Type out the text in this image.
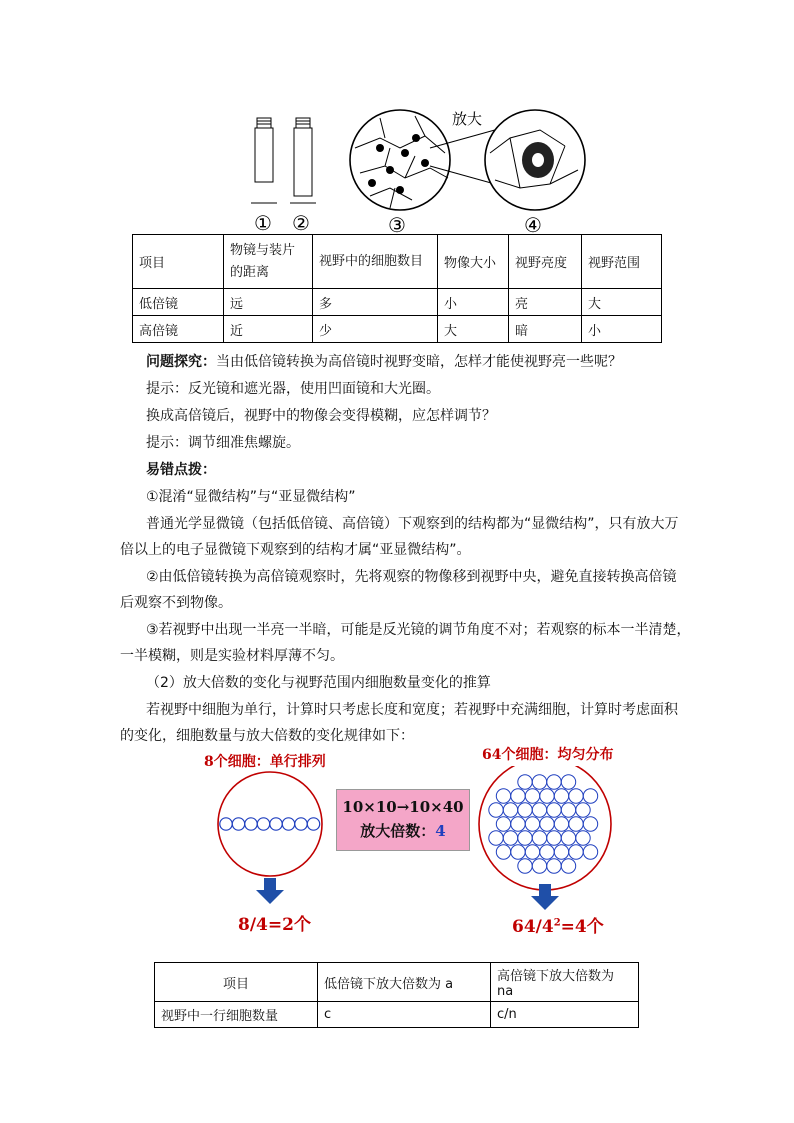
放大
① ②	③	④
项目	物镜与装片的距离	视野中的细胞数目	物像大小	视野亮度	视野范围
低倍镜	远	多	小	亮	大
高倍镜	近	少	大	暗	小
问题探究：当由低倍镜转换为高倍镜时视野变暗，怎样才能使视野亮一些呢？
提示：反光镜和遮光器，使用凹面镜和大光圈。
换成高倍镜后，视野中的物像会变得模糊，应怎样调节？
提示：调节细准焦螺旋。
易错点拨：
①混淆“显微结构”与“亚显微结构”
普通光学显微镜（包括低倍镜、高倍镜）下观察到的结构都为“显微结构”，只有放大万
倍以上的电子显微镜下观察到的结构才属“亚显微结构”。
②由低倍镜转换为高倍镜观察时，先将观察的物像移到视野中央，避免直接转换高倍镜
后观察不到物像。
③若视野中出现一半亮一半暗，可能是反光镜的调节角度不对；若观察的标本一半清楚，
一半模糊，则是实验材料厚薄不匀。
（2）放大倍数的变化与视野范围内细胞数量变化的推算
若视野中细胞为单行，计算时只考虑长度和宽度；若视野中充满细胞，计算时考虑面积
的变化，细胞数量与放大倍数的变化规律如下：
8个细胞：单行排列	64个细胞：均匀分布
10×10→10×40
放大倍数：4
8/4=2个	$64/4^2=4$个
项目	低倍镜下放大倍数为 a	高倍镜下放大倍数为 na
视野中一行细胞数量	c	c/n
